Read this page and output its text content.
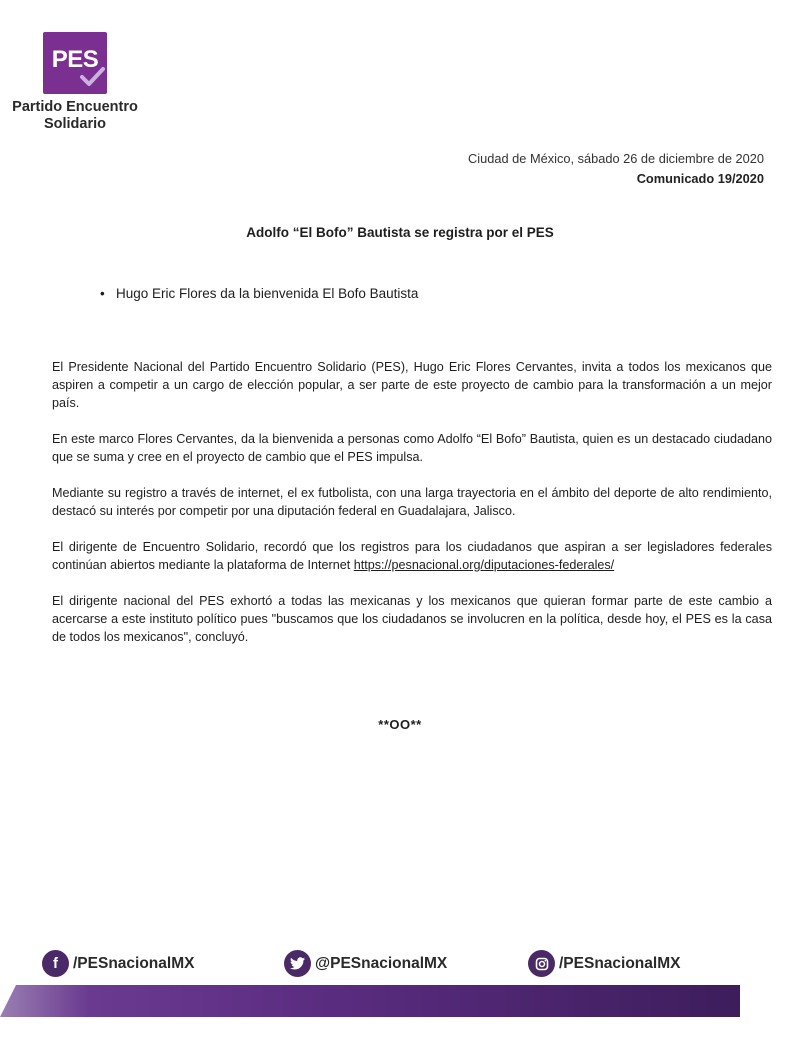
PES
Partido Encuentro Solidario
Ciudad de México, sábado 26 de diciembre de 2020
Comunicado 19/2020
Adolfo “El Bofo” Bautista se registra por el PES
• Hugo Eric Flores da la bienvenida El Bofo Bautista

El Presidente Nacional del Partido Encuentro Solidario (PES), Hugo Eric Flores Cervantes, invita a todos los mexicanos que aspiren a competir a un cargo de elección popular, a ser parte de este proyecto de cambio para la transformación a un mejor país.

En este marco Flores Cervantes, da la bienvenida a personas como Adolfo “El Bofo” Bautista, quien es un destacado ciudadano que se suma y cree en el proyecto de cambio que el PES impulsa.

Mediante su registro a través de internet, el ex futbolista, con una larga trayectoria en el ámbito del deporte de alto rendimiento, destacó su interés por competir por una diputación federal en Guadalajara, Jalisco.

El dirigente de Encuentro Solidario, recordó que los registros para los ciudadanos que aspiran a ser legisladores federales continúan abiertos mediante la plataforma de Internet https://pesnacional.org/diputaciones-federales/

El dirigente nacional del PES exhortó a todas las mexicanas y los mexicanos que quieran formar parte de este cambio a acercarse a este instituto político pues "buscamos que los ciudadanos se involucren en la política, desde hoy, el PES es la casa de todos los mexicanos", concluyó.

**OO**
f /PESnacionalMX	@PESnacionalMX	/PESnacionalMX
